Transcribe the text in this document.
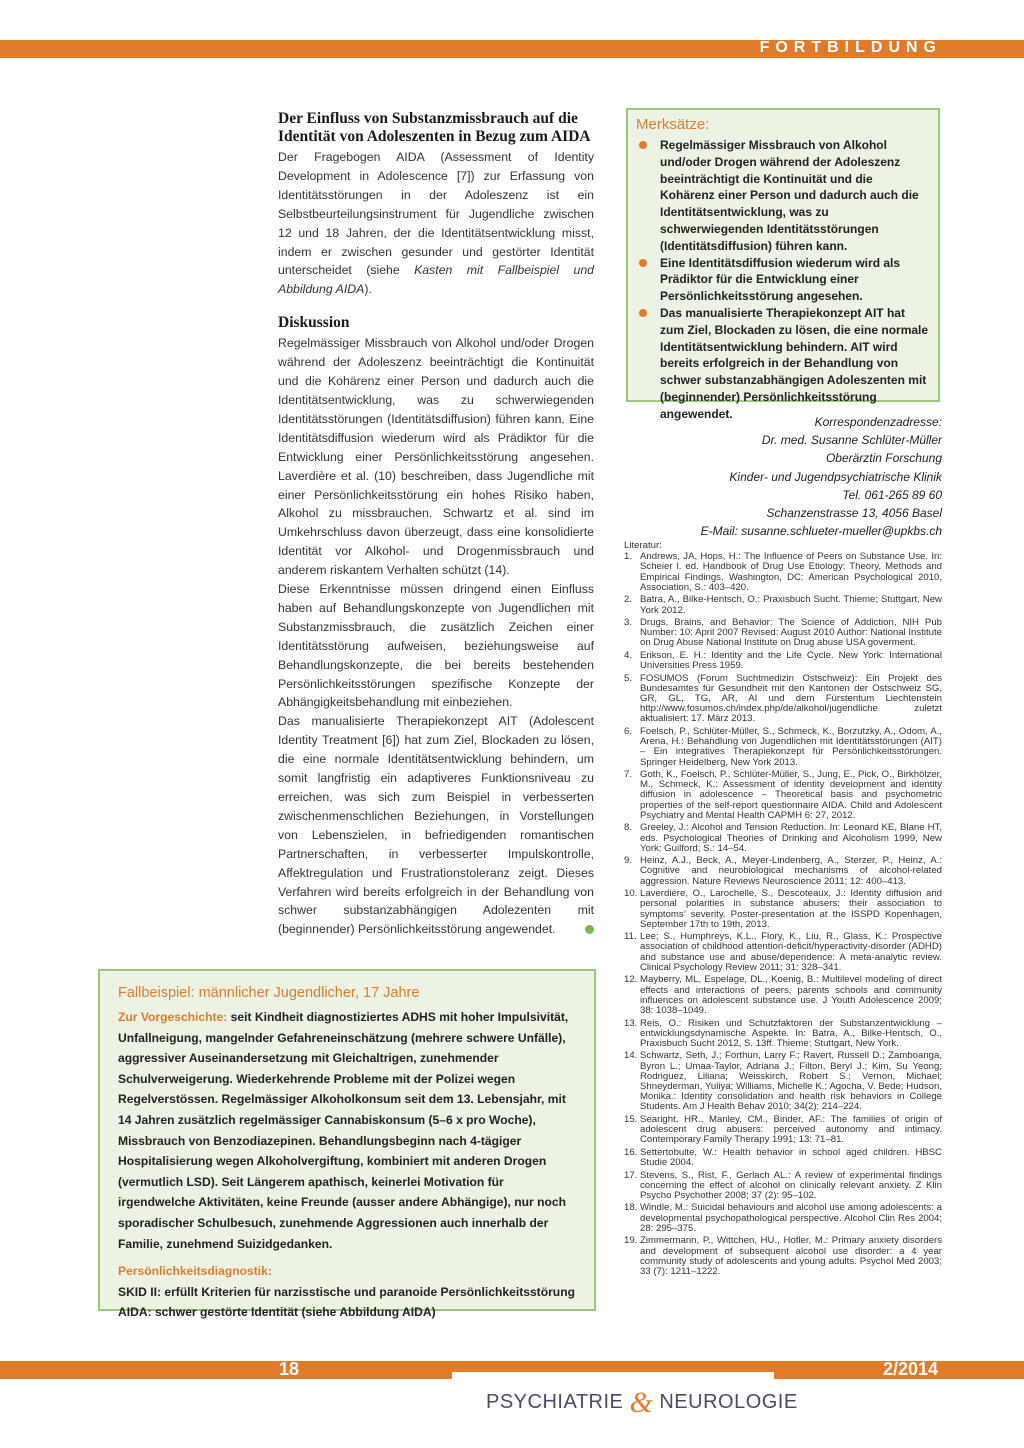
FORTBILDUNG
Der Einfluss von Substanzmissbrauch auf die Identität von Adoleszenten in Bezug zum AIDA

Der Fragebogen AIDA (Assessment of Identity Development in Adolescence [7]) zur Erfassung von Identitätsstörungen in der Adoleszenz ist ein Selbstbeurteilungsinstrument für Jugendliche zwischen 12 und 18 Jahren, der die Identitätsentwicklung misst, indem er zwischen gesunder und gestörter Identität unterscheidet (siehe Kasten mit Fallbeispiel und Abbildung AIDA).

Diskussion

Regelmässiger Missbrauch von Alkohol und/oder Drogen während der Adoleszenz beeinträchtigt die Kontinuität und die Kohärenz einer Person und dadurch auch die Identitätsentwicklung, was zu schwerwiegenden Identitätsstörungen (Identitätsdiffusion) führen kann. Eine Identitätsdiffusion wiederum wird als Prädiktor für die Entwicklung einer Persönlichkeitsstörung angesehen. Laverdière et al. (10) beschreiben, dass Jugendliche mit einer Persönlichkeitsstörung ein hohes Risiko haben, Alkohol zu missbrauchen. Schwartz et al. sind im Umkehrschluss davon überzeugt, dass eine konsolidierte Identität vor Alkohol- und Drogenmissbrauch und anderem riskantem Verhalten schützt (14).

Diese Erkenntnisse müssen dringend einen Einfluss haben auf Behandlungskonzepte von Jugendlichen mit Substanzmissbrauch, die zusätzlich Zeichen einer Identitätsstörung aufweisen, beziehungsweise auf Behandlungskonzepte, die bei bereits bestehenden Persönlichkeitsstörungen spezifische Konzepte der Abhängigkeitsbehandlung mit einbeziehen.

Das manualisierte Therapiekonzept AIT (Adolescent Identity Treatment [6]) hat zum Ziel, Blockaden zu lösen, die eine normale Identitätsentwicklung behindern, um somit langfristig ein adaptiveres Funktionsniveau zu erreichen, was sich zum Beispiel in verbesserten zwischenmenschlichen Beziehungen, in Vorstellungen von Lebenszielen, in befriedigenden romantischen Partnerschaften, in verbesserter Impulskontrolle, Affektregulation und Frustrationstoleranz zeigt. Dieses Verfahren wird bereits erfolgreich in der Behandlung von schwer substanzabhängigen Adolezenten mit (beginnender) Persönlichkeitsstörung angewendet.

Merksätze:
Regelmässiger Missbrauch von Alkohol und/oder Drogen während der Adoleszenz beeinträchtigt die Kontinuität und die Kohärenz einer Person und dadurch auch die Identitätsentwicklung, was zu schwerwiegenden Identitätsstörungen (Identitätsdiffusion) führen kann.
Eine Identitätsdiffusion wiederum wird als Prädiktor für die Entwicklung einer Persönlichkeitsstörung angesehen.
Das manualisierte Therapiekonzept AIT hat zum Ziel, Blockaden zu lösen, die eine normale Identitätsentwicklung behindern. AIT wird bereits erfolgreich in der Behandlung von schwer substanzabhängigen Adoleszenten mit (beginnender) Persönlichkeitsstörung angewendet.
Korrespondenzadresse:
Dr. med. Susanne Schlüter-Müller
Oberärztin Forschung
Kinder- und Jugendpsychiatrische Klinik
Tel. 061-265 89 60
Schanzenstrasse 13, 4056 Basel
E-Mail: susanne.schlueter-mueller@upkbs.ch
Literatur:
1. Andrews, JA, Hops, H.: The Influence of Peers on Substance Use. In: Scheier l. ed. Handbook of Drug Use Etiology: Theory, Methods and Empirical Findings. Washington, DC: American Psychological 2010, Association, S.: 403–420.
2. Batra, A., Bilke-Hentsch, O.: Praxisbuch Sucht. Thieme; Stuttgart, New York 2012.
3. Drugs, Brains, and Behavior: The Science of Addiction, NIH Pub Number: 10: April 2007 Revised: August 2010 Author: National Institute on Drug Abuse National Institute on Drug abuse USA goverment.
4. Erikson, E. H.: Identity and the Life Cycle. New York: International Universities Press 1959.
5. FOSUMOS (Forum Suchtmedizin Ostschweiz): Ein Projekt des Bundesamtes für Gesundheit mit den Kantonen der Ostschweiz SG, GR, GL, TG, AR, AI und dem Fürstentum Liechtenstein http://www.fosumos.ch/index.php/de/alkohol/jugendliche zuletzt aktualisiert: 17. März 2013.
6. Foelsch, P., Schlüter-Müller, S., Schmeck, K., Borzutzky, A., Odom, A., Arena, H.: Behandlung von Jugendlichen mit Identitätsstörungen (AIT) – Ein integratives Therapiekonzept für Persönlichkeitsstörungen. Springer Heidelberg, New York 2013.
7. Goth, K., Foelsch, P., Schlüter-Müller, S., Jung, E., Pick, O., Birkhölzer, M., Schmeck, K.: Assessment of identity development and identity diffusion in adolescence – Theoretical basis and psychometric properties of the self-report questionnaire AIDA. Child and Adolescent Psychiatry and Mental Health CAPMH 6: 27, 2012.
8. Greeley, J.: Alcohol and Tension Reduction. In: Leonard KE, Blane HT, eds. Psychological Theories of Drinking and Alcoholism 1999, New York: Guilford; S.: 14–54.
9. Heinz, A.J., Beck, A., Meyer-Lindenberg, A., Sterzer, P., Heinz, A.: Cognitive and neurobiological mechanisms of alcohol-related aggression. Nature Reviews Neuroscience 2011; 12: 400–413.
10. Laverdière, O., Larochelle, S., Descoteaux, J.: Identity diffusion and personal polarities in substance abusers: their association to symptoms’ severity. Poster-presentation at the ISSPD Kopenhagen, September 17th to 19th, 2013.
11. Lee; S., Humphreys, K.L., Flory, K., Liu, R., Glass, K.: Prospective association of childhood attention-deficit/hyperactivity-disorder (ADHD) and substance use and abuse/dependence: A meta-analytic review. Clinical Psychology Review 2011; 31: 328–341.
12. Mayberry, ML, Espelage, DL., Koenig, B.: Multilevel modeling of direct effects and interactions of peers, parents schools and community influences on adolescent substance use. J Youth Adolescence 2009; 38: 1038–1049.
13. Reis, O.: Risiken und Schutzfaktoren der Substanzentwicklung – entwicklungsdynamische Aspekte. In: Batra, A., Bilke-Hentsch, O., Praxisbuch Sucht 2012, S. 13ff. Thieme; Stuttgart, New York.
14. Schwartz, Seth, J.; Forthun, Larry F.; Ravert, Russell D.; Zamboanga, Byron L.; Umaa-Taylor, Adriana J.; Filton, Beryl J.; Kim, Su Yeong; Rodriguez, Liliana; Weisskirch, Robert S.; Vernon, Michael; Shneyderman, Yuliya; Williams, Michelle K.; Agocha, V. Bede; Hudson, Monika.: Identity consolidation and health risk behaviors in College Students. Am J Health Behav 2010; 34(2): 214–224.
15. Searight, HR., Manley, CM., Binder, AF.: The families of origin of adolescent drug abusers: perceived autonomy and intimacy. Contemporary Family Therapy 1991; 13: 71–81.
16. Settertobulte, W.: Health behavior in school aged children. HBSC Studie 2004.
17. Stevens, S., Rist, F., Gerlach AL.: A review of experimental findings concerning the effect of alcohol on clinically relevant anxiety. Z Klin Psycho Psychother 2008; 37 (2): 95–102.
18. Windle, M.: Suicidal behaviours and alcohol use among adolescents: a developmental psychopathological perspective. Alcohol Clin Res 2004; 28: 295–375.
19. Zimmermann, P., Wittchen, HU., Hofler, M.: Primary anxiety disorders and development of subsequent alcohol use disorder: a 4 year community study of adolescents and young adults. Psychol Med 2003; 33 (7): 1211–1222.
Fallbeispiel: männlicher Jugendlicher, 17 Jahre

Zur Vorgeschichte: seit Kindheit diagnostiziertes ADHS mit hoher Impulsivität, Unfallneigung, mangelnder Gefahreneinschätzung (mehrere schwere Unfälle), aggressiver Auseinandersetzung mit Gleichaltrigen, zunehmender Schulverweigerung. Wiederkehrende Probleme mit der Polizei wegen Regelverstössen. Regelmässiger Alkoholkonsum seit dem 13. Lebensjahr, mit 14 Jahren zusätzlich regelmässiger Cannabiskonsum (5–6 x pro Woche), Missbrauch von Benzodiazepinen. Behandlungsbeginn nach 4-tägiger Hospitalisierung wegen Alkoholvergiftung, kombiniert mit anderen Drogen (vermutlich LSD). Seit Längerem apathisch, keinerlei Motivation für irgendwelche Aktivitäten, keine Freunde (ausser andere Abhängige), nur noch sporadischer Schulbesuch, zunehmende Aggressionen auch innerhalb der Familie, zunehmend Suizidgedanken.

Persönlichkeitsdiagnostik:

SKID II: erfüllt Kriterien für narzisstische und paranoide Persönlichkeitsstörung

AIDA: schwer gestörte Identität (siehe Abbildung AIDA)

18	2/2014
PSYCHIATRIE & NEUROLOGIE
